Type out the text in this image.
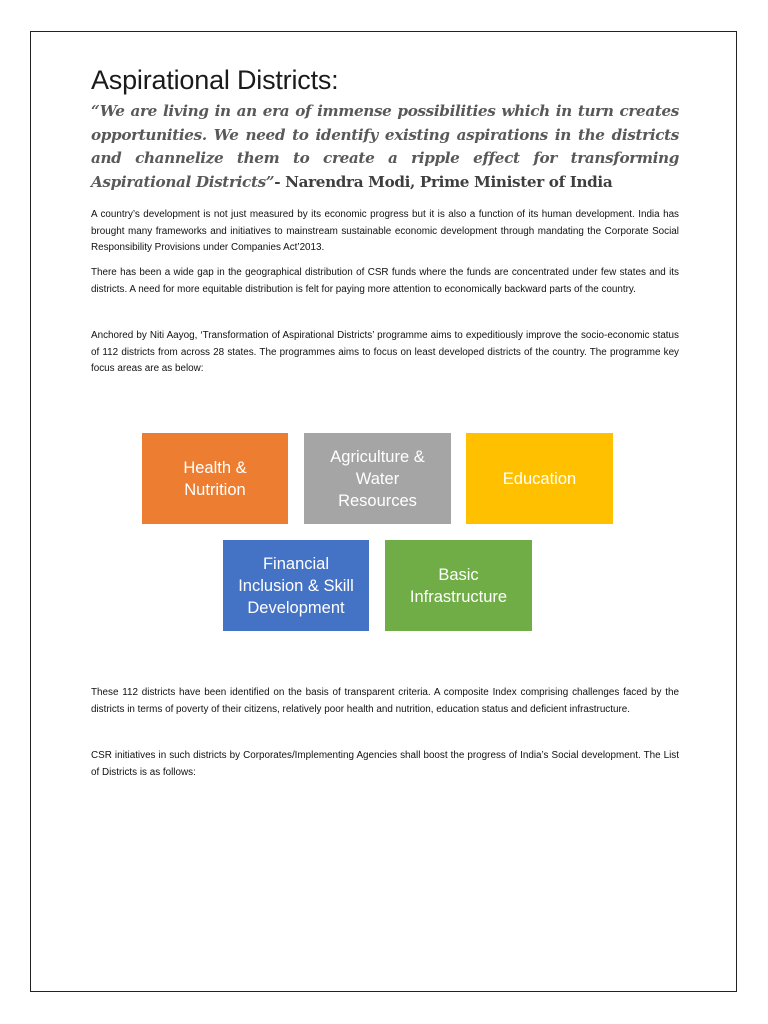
Aspirational Districts:

“We are living in an era of immense possibilities which in turn creates opportunities. We need to identify existing aspirations in the districts and channelize them to create a ripple effect for transforming Aspirational Districts”- Narendra Modi, Prime Minister of India

A country’s development is not just measured by its economic progress but it is also a function of its human development. India has brought many frameworks and initiatives to mainstream sustainable economic development through mandating the Corporate Social Responsibility Provisions under Companies Act’2013.

There has been a wide gap in the geographical distribution of CSR funds where the funds are concentrated under few states and its districts. A need for more equitable distribution is felt for paying more attention to economically backward parts of the country.

Anchored by Niti Aayog, ‘Transformation of Aspirational Districts’ programme aims to expeditiously improve the socio-economic status of 112 districts from across 28 states. The programmes aims to focus on least developed districts of the country. The programme key focus areas are as below:

Health &
Nutrition
Agriculture &
Water
Resources
Education
Financial
Inclusion & Skill
Development
Basic
Infrastructure

These 112 districts have been identified on the basis of transparent criteria. A composite Index comprising challenges faced by the districts in terms of poverty of their citizens, relatively poor health and nutrition, education status and deficient infrastructure.

CSR initiatives in such districts by Corporates/Implementing Agencies shall boost the progress of India’s Social development. The List of Districts is as follows:
